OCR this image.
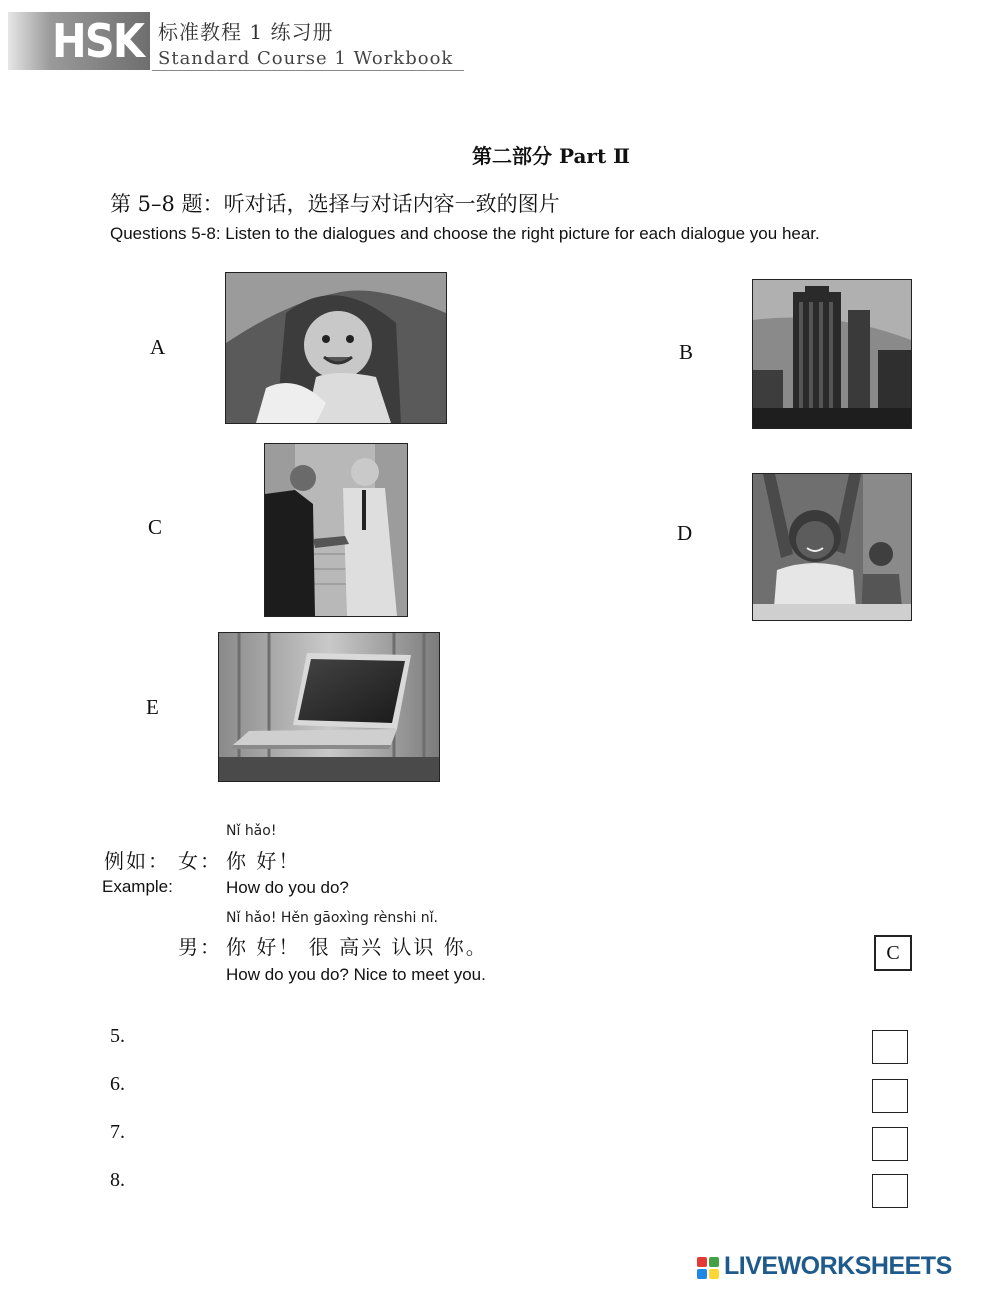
HSK 标准教程 1 练习册
Standard Course 1 Workbook
第二部分 Part Ⅱ
第 5–8 题：听对话，选择与对话内容一致的图片
Questions 5-8: Listen to the dialogues and choose the right picture for each dialogue you hear.
A	B
C	D
E
Nǐ hǎo!
例如： 女： 你 好！
Example:	How do you do?
Nǐ hǎo! Hěn gāoxìng rènshi nǐ.
男： 你 好！ 很 高兴 认识 你。
How do you do? Nice to meet you.
C
5.
6.
7.
8.
LIVEWORKSHEETS
